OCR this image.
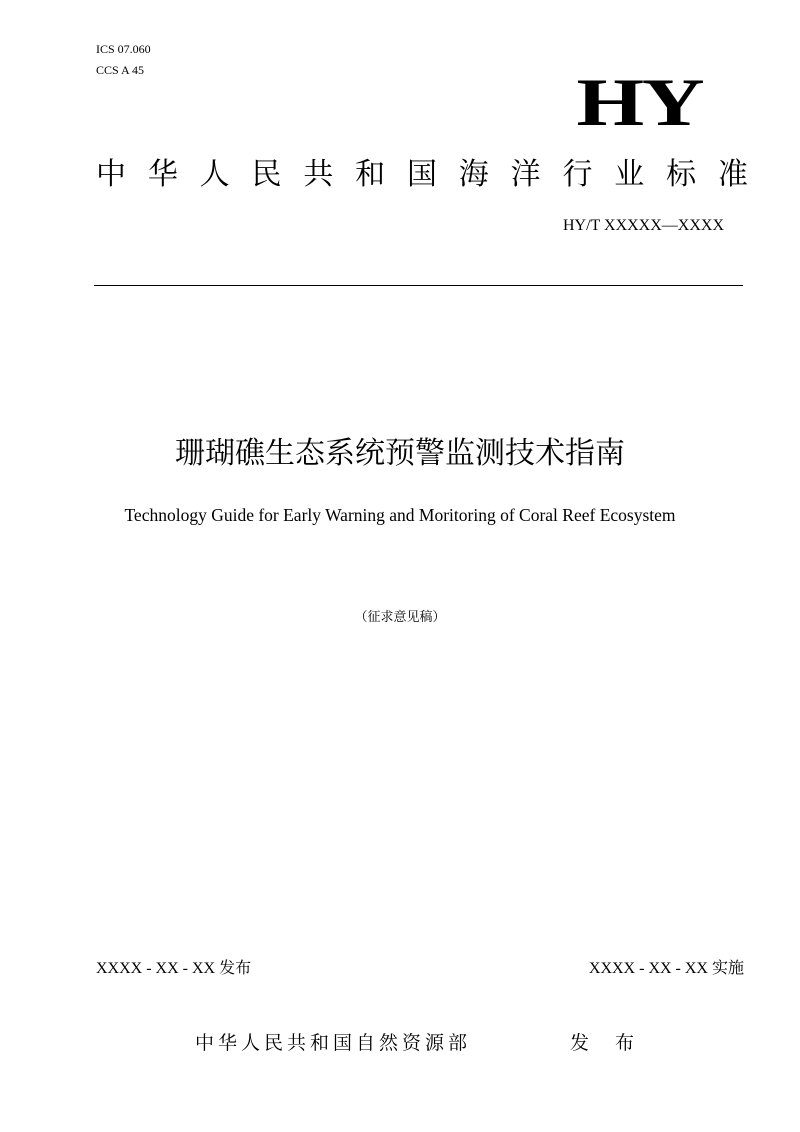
ICS 07.060
CCS A 45	HY
中 华 人 民 共 和 国 海 洋 行 业 标 准
HY/T XXXXX—XXXX
珊瑚礁生态系统预警监测技术指南
Technology Guide for Early Warning and Moritoring of Coral Reef Ecosystem
（征求意见稿）
XXXX - XX - XX 发布	XXXX - XX - XX 实施
中华人民共和国自然资源部	发 布
